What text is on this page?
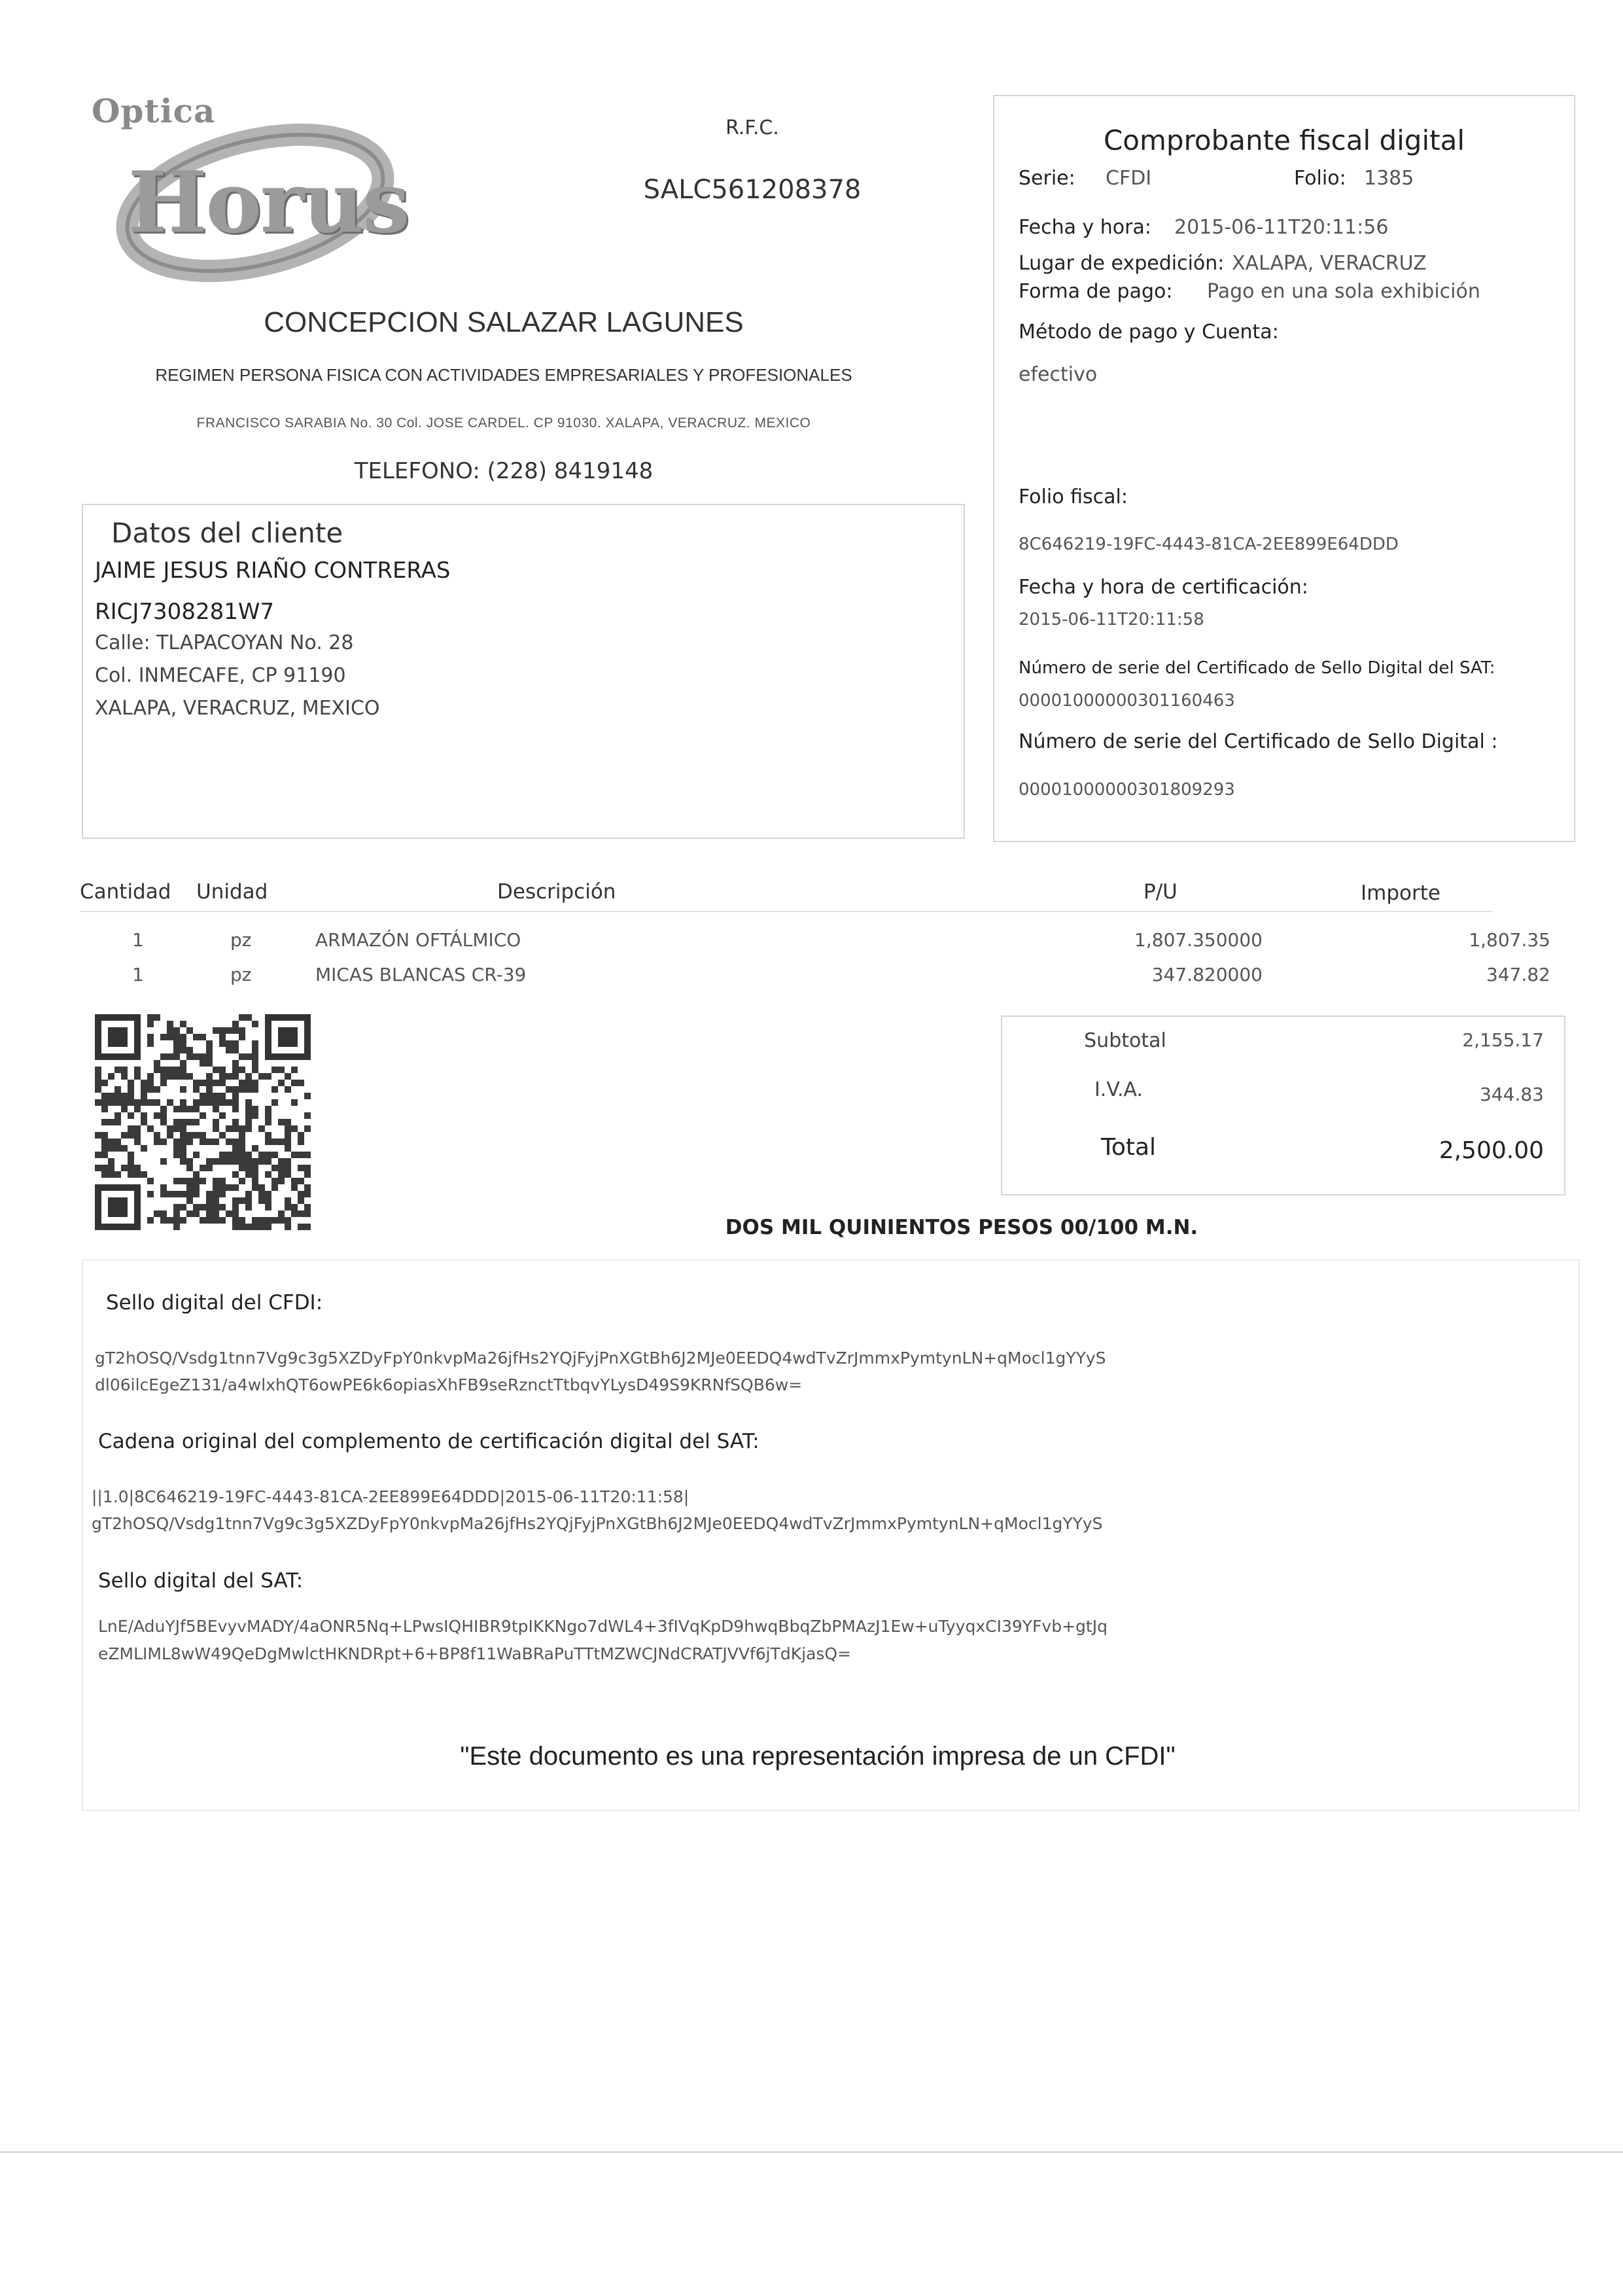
Optica
Horus
R.F.C.
SALC561208378
CONCEPCION SALAZAR LAGUNES
REGIMEN PERSONA FISICA CON ACTIVIDADES EMPRESARIALES Y PROFESIONALES
FRANCISCO SARABIA No. 30 Col. JOSE CARDEL. CP 91030. XALAPA, VERACRUZ. MEXICO
TELEFONO: (228) 8419148
Comprobante fiscal digital
Serie: CFDI	Folio: 1385
Fecha y hora: 2015-06-11T20:11:56
Lugar de expedición: XALAPA, VERACRUZ
Forma de pago: Pago en una sola exhibición
Método de pago y Cuenta:
efectivo
Folio fiscal:
8C646219-19FC-4443-81CA-2EE899E64DDD
Fecha y hora de certificación:
2015-06-11T20:11:58
Número de serie del Certificado de Sello Digital del SAT:
00001000000301160463
Número de serie del Certificado de Sello Digital :
00001000000301809293
Datos del cliente
JAIME JESUS RIAÑO CONTRERAS
RICJ7308281W7
Calle: TLAPACOYAN No. 28
Col. INMECAFE, CP 91190
XALAPA, VERACRUZ, MEXICO
Cantidad Unidad	Descripción	P/U	Importe
1	pz	ARMAZÓN OFTÁLMICO	1,807.350000	1,807.35
1	pz	MICAS BLANCAS CR-39	347.820000	347.82
Subtotal	2,155.17
I.V.A.	344.83
Total	2,500.00
DOS MIL QUINIENTOS PESOS 00/100 M.N.
Sello digital del CFDI:
gT2hOSQ/Vsdg1tnn7Vg9c3g5XZDyFpY0nkvpMa26jfHs2YQjFyjPnXGtBh6J2MJe0EEDQ4wdTvZrJmmxPymtynLN+qMocl1gYYyS
dl06ilcEgeZ131/a4wlxhQT6owPE6k6opiasXhFB9seRznctTtbqvYLysD49S9KRNfSQB6w=
Cadena original del complemento de certificación digital del SAT:
||1.0|8C646219-19FC-4443-81CA-2EE899E64DDD|2015-06-11T20:11:58|
gT2hOSQ/Vsdg1tnn7Vg9c3g5XZDyFpY0nkvpMa26jfHs2YQjFyjPnXGtBh6J2MJe0EEDQ4wdTvZrJmmxPymtynLN+qMocl1gYYyS
Sello digital del SAT:
LnE/AduYJf5BEvyvMADY/4aONR5Nq+LPwsIQHIBR9tpIKKNgo7dWL4+3fIVqKpD9hwqBbqZbPMAzJ1Ew+uTyyqxCI39YFvb+gtJq
eZMLIML8wW49QeDgMwlctHKNDRpt+6+BP8f11WaBRaPuTTtMZWCJNdCRATJVVf6jTdKjasQ=
"Este documento es una representación impresa de un CFDI"
